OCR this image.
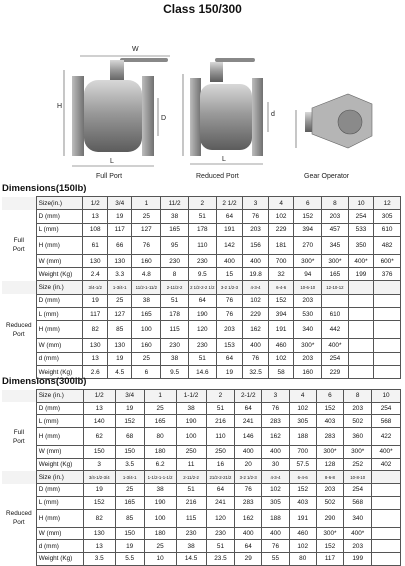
Class 150/300
W
H
D
L
Full Port
d
L
Reduced Port	Gear Operator
Dimensions(150lb)
	Size(in.)	1/2	3/4	1	11/2	2	2 1/2	3	4	6	8	10	12
	D (mm)	13	19	25	38	51	64	76	102	152	203	254	305
	L (mm)	108	117	127	165	178	191	203	229	394	457	533	610

Full
Port	H (mm)	61	66	76	95	110	142	156	181	270	345	350	482
	W (mm)	130	130	160	230	230	400	400	700	300*	300*	400*	600*
	Weight (Kg)	2.4	3.3	4.8	8	9.5	15	19.8	32	94	165	199	376
	Size (in.)	3/4-1/2	1-3/4-1	11/2-1-11/2	2-11/2-2	2 1/2-2-2 1/2	3-2 1/2-3	4-3-4	6-4-6	10-6-10	12-10-12		
	D (mm)	19	25	38	51	64	76	102	152	203			
	L (mm)	117	127	165	178	190	76	229	394	530	610		

Reduced
Port	H (mm)	82	85	100	115	120	203	162	191	340	442		
	W (mm)	130	130	160	230	230	153	400	460	300*	400*		
	d (mm)	13	19	25	38	51	64	76	102	203	254		
	Weight (Kg)	2.6	4.5	6	9.5	14.6	19	32.5	58	160	229		
Dimensions(300lb)
	Size (in.)	1/2	3/4	1	1-1/2	2	2-1/2	3	4	6	8	10
	D (mm)	13	19	25	38	51	64	76	102	152	203	254
	L (mm)	140	152	165	190	216	241	283	305	403	502	568

Full
Port	H (mm)	62	68	80	100	110	146	162	188	283	360	422
	W (mm)	150	150	180	250	250	400	400	700	300*	300*	400*
	Weight (Kg)	3	3.5	6.2	11	16	20	30	57.5	128	252	402
	Size (in.)	3/4-1/2-3/4	1-3/4-1	1-1/2-1-1-1/2	2-11/2-2	21/2-2-21/2	3-2 1/2-3	4-3-4	6-4-6	8-6-8	10-8-10	
	D (mm)	19	25	38	51	64	76	102	152	203	254	
	L (mm)	152	165	190	216	241	283	305	403	502	568	

Reduced
Port	H (mm)	82	85	100	115	120	162	188	191	290	340	
	W (mm)	130	150	180	230	230	400	400	460	300*	400*	
	d (mm)	13	19	25	38	51	64	76	102	152	203	
	Weight (Kg)	3.5	5.5	10	14.5	23.5	29	55	80	117	199	
